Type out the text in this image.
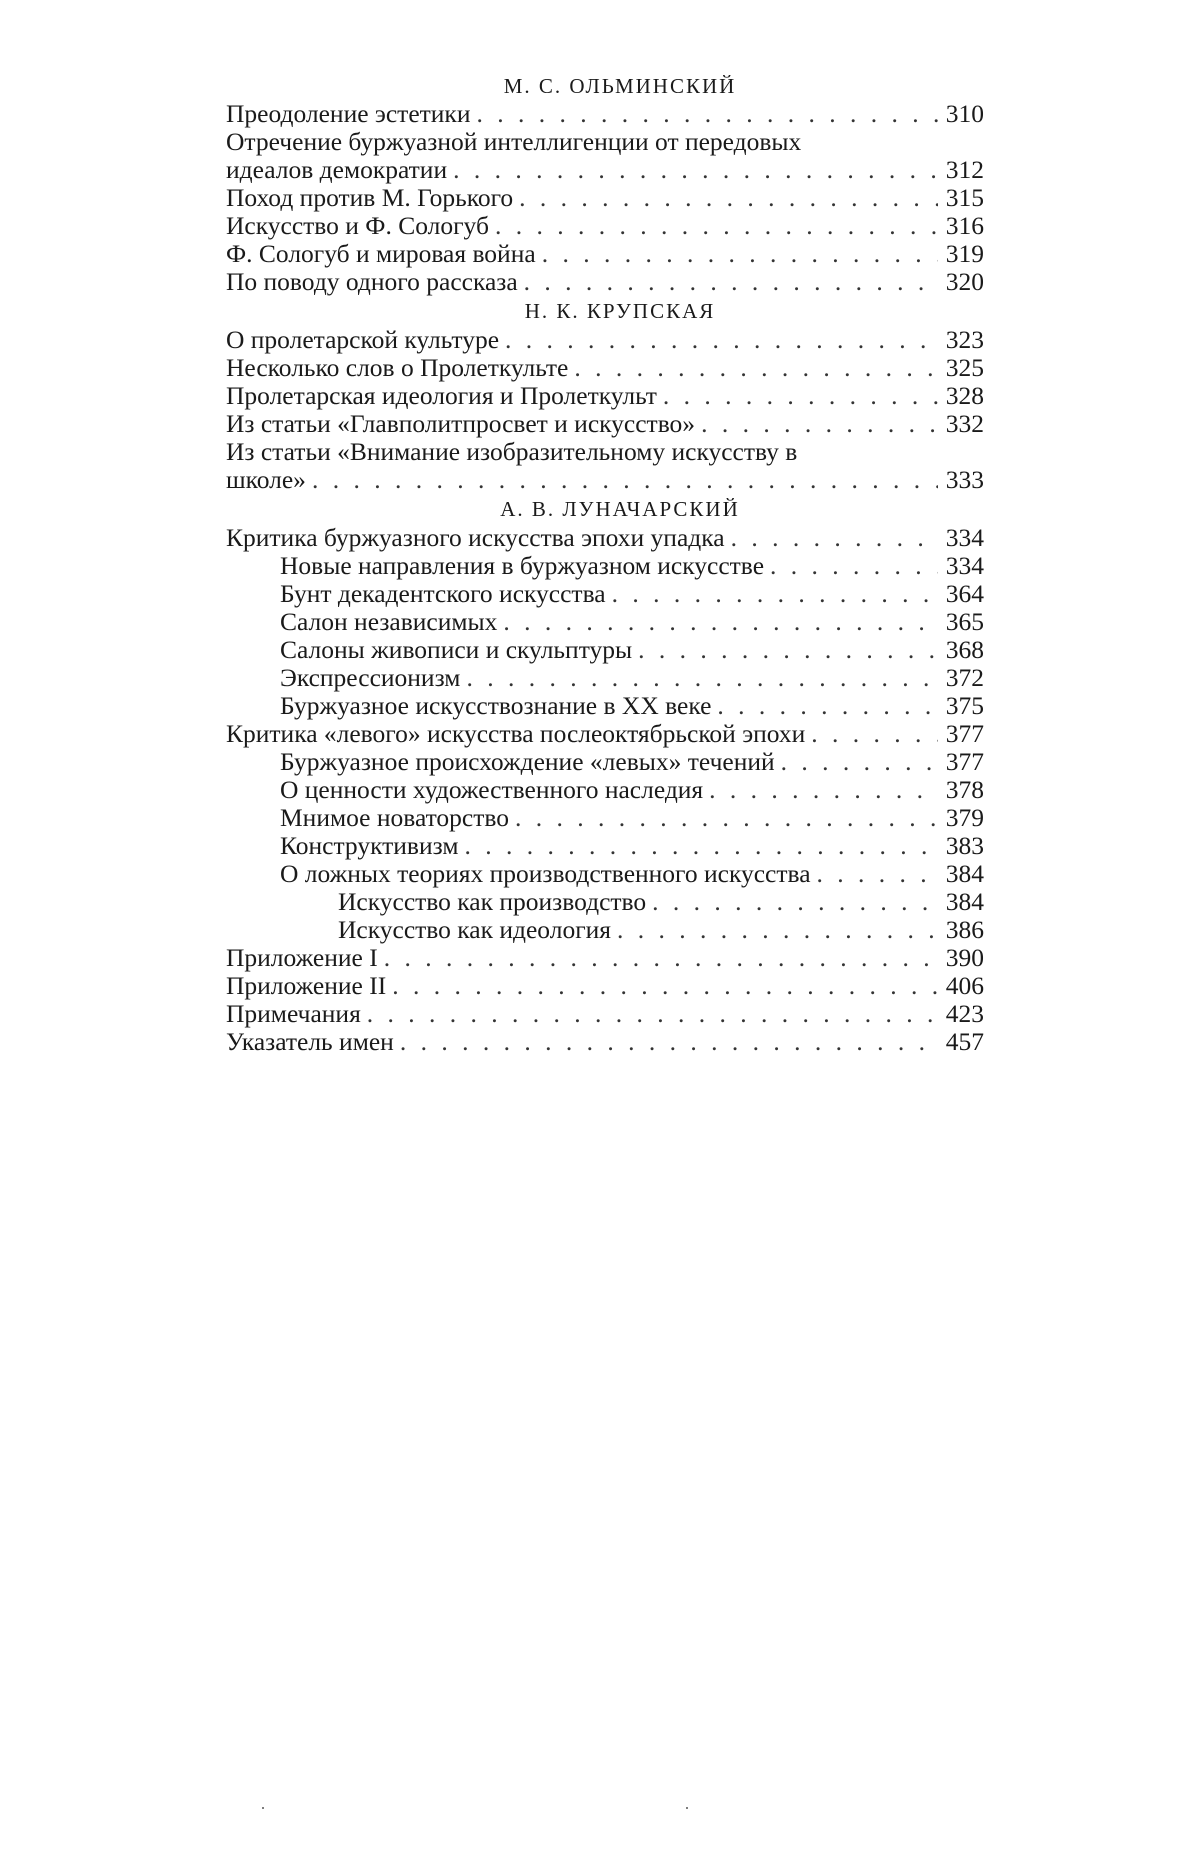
М. С. ОЛЬМИНСКИЙ
Преодоление эстетики . . .	310
Отречение буржуазной интеллигенции от передовых
идеалов демократии . . .	312
Поход против М. Горького . . .	315
Искусство и Ф. Сологуб . . .	316
Ф. Сологуб и мировая война . . .	319
По поводу одного рассказа . . .	320
Н. К. КРУПСКАЯ
О пролетарской культуре . . .	323
Несколько слов о Пролеткульте . . .	325
Пролетарская идеология и Пролеткульт . . .	328
Из статьи «Главполитпросвет и искусство» . . .	332
Из статьи «Внимание изобразительному искусству в
школе» . . .	333
А. В. ЛУНАЧАРСКИЙ
Критика буржуазного искусства эпохи упадка . . .	334
Новые направления в буржуазном искусстве . . .	334
Бунт декадентского искусства . . .	364
Салон независимых . . .	365
Салоны живописи и скульптуры . . .	368
Экспрессионизм . . .	372
Буржуазное искусствознание в XX веке . . .	375
Критика «левого» искусства послеоктябрьской эпохи . . .	377
Буржуазное происхождение «левых» течений . . .	377
О ценности художественного наследия . . .	378
Мнимое новаторство . . .	379
Конструктивизм . . .	383
О ложных теориях производственного искусства . . .	384
Искусство как производство . . .	384
Искусство как идеология . . .	386
Приложение I . . .	390
Приложение II . . .	406
Примечания . . .	423
Указатель имен . . .	457
